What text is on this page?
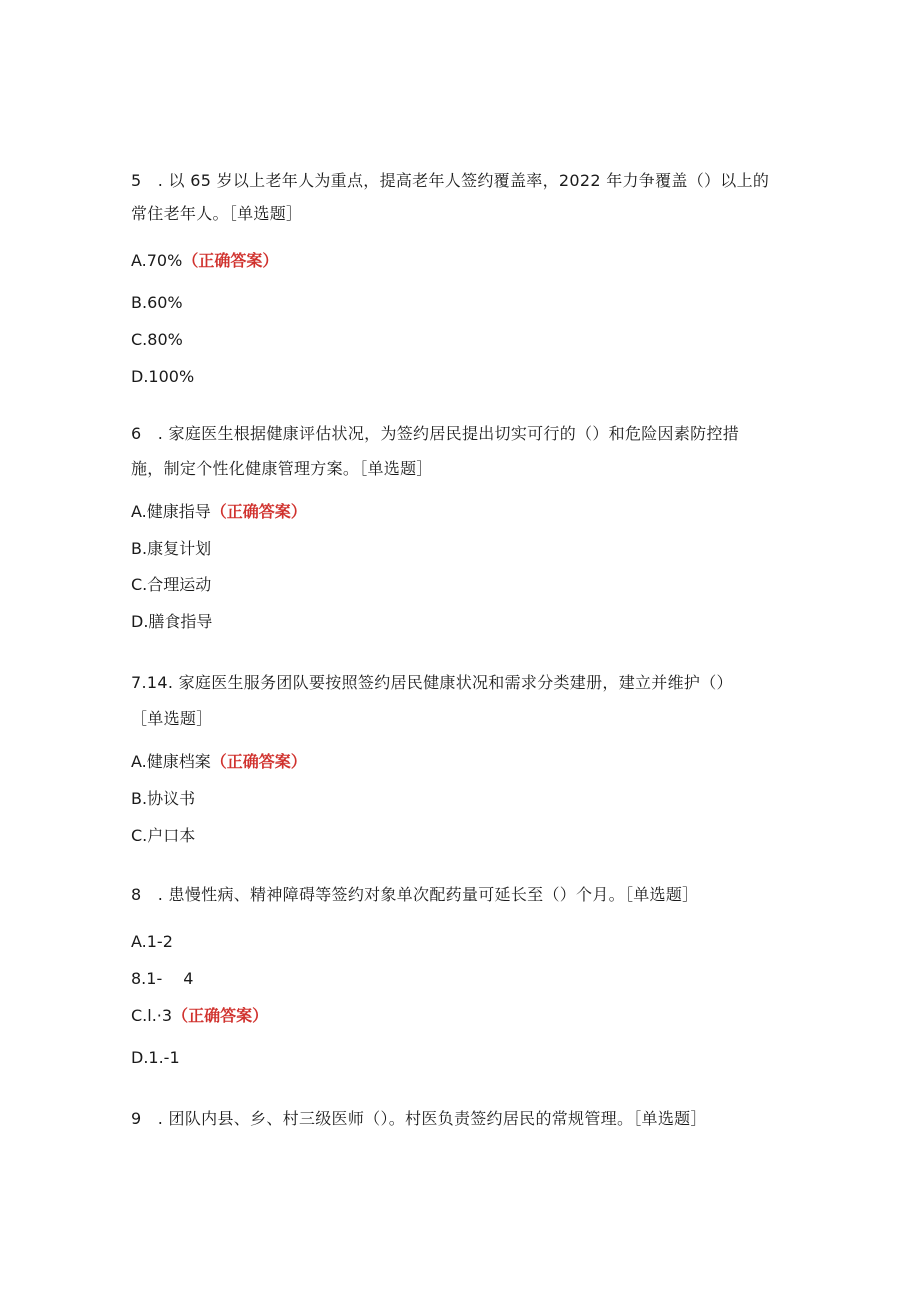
5　. 以 65 岁以上老年人为重点，提高老年人签约覆盖率，2022 年力争覆盖（）以上的
常住老年人。［单选题］
A.70%（正确答案）
B.60%
C.80%
D.100%
6　. 家庭医生根据健康评估状况，为签约居民提出切实可行的（）和危险因素防控措
施，制定个性化健康管理方案。［单选题］
A.健康指导（正确答案）
B.康复计划
C.合理运动
D.膳食指导
7.14. 家庭医生服务团队要按照签约居民健康状况和需求分类建册，建立并维护（）
［单选题］
A.健康档案（正确答案）
B.协议书
C.户口本
8　. 患慢性病、精神障碍等签约对象单次配药量可延长至（）个月。［单选题］
A.1-2
8.1-　 4
C.l.·3（正确答案）
D.1.-1
9　. 团队内县、乡、村三级医师（）。村医负责签约居民的常规管理。［单选题］
